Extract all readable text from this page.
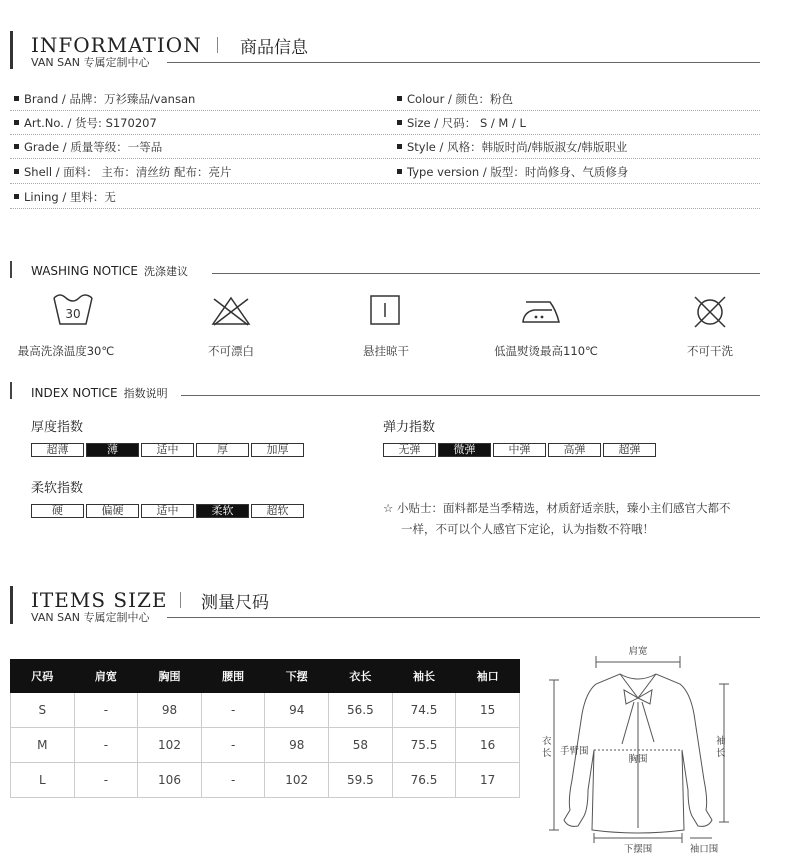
INFORMATION 商品信息
VAN SAN 专属定制中心
Brand / 品牌：万衫臻品/vansan	Colour / 颜色：粉色
Art.No. / 货号: S170207	Size / 尺码： S / M / L
Grade / 质量等级：一等品	Style / 风格：韩版时尚/韩版淑女/韩版职业
Shell / 面料： 主布：清丝纺 配布：亮片	Type version / 版型：时尚修身、气质修身
Lining / 里料：无
WASHING NOTICE 洗涤建议
30
最高洗涤温度30℃	不可漂白	悬挂晾干	低温熨烫最高110℃	不可干洗
INDEX NOTICE 指数说明
厚度指数
超薄	薄	适中	厚	加厚
弹力指数
无弹	微弹	中弹	高弹	超弹
柔软指数
硬	偏硬	适中	柔软	超软	☆ 小贴士：面料都是当季精选，材质舒适亲肤，臻小主们感官大都不
一样，不可以个人感官下定论，认为指数不符哦！
ITEMS SIZE 测量尺码
VAN SAN 专属定制中心
尺码	肩宽	胸围	腰围	下摆	衣长	袖长	袖口
S	-	98	-	94	56.5	74.5	15
M	-	102	-	98	58	75.5	16
L	-	106	-	102	59.5	76.5	17
肩宽
衣
长
袖
长
手臂围
胸围
下摆围	袖口围
